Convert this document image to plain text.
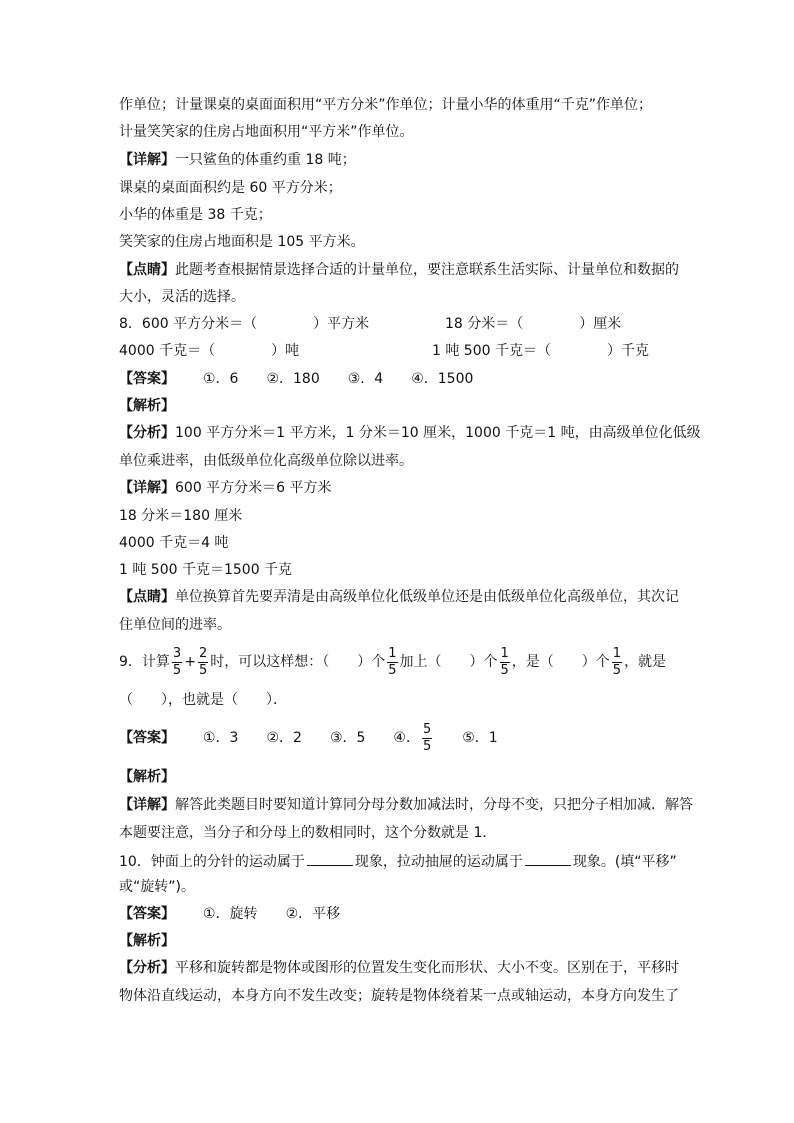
作单位；计量课桌的桌面面积用“平方分米”作单位；计量小华的体重用“千克”作单位；
计量笑笑家的住房占地面积用“平方米”作单位。
【详解】一只鲨鱼的体重约重 18 吨；
课桌的桌面面积约是 60 平方分米；
小华的体重是 38 千克；
笑笑家的住房占地面积是 105 平方米。
【点睛】此题考查根据情景选择合适的计量单位，要注意联系生活实际、计量单位和数据的
大小，灵活的选择。
8．600 平方分米＝（　　　　）平方米	18 分米＝（　　　　）厘米
4000 千克＝（　　　　）吨	1 吨 500 千克＝（　　　　）千克
【答案】 ①．6 ②．180 ③．4 ④．1500
【解析】
【分析】100 平方分米＝1 平方米，1 分米＝10 厘米，1000 千克＝1 吨，由高级单位化低级
单位乘进率，由低级单位化高级单位除以进率。
【详解】600 平方分米＝6 平方米
18 分米＝180 厘米
4000 千克＝4 吨
1 吨 500 千克＝1500 千克
【点睛】单位换算首先要弄清是由高级单位化低级单位还是由低级单位化高级单位，其次记
住单位间的进率。
9．计算 $\frac{3}{5} + \frac{2}{5}$ 时，可以这样想：（　　）个 $\frac{1}{5}$ 加上（　　）个 $\frac{1}{5}$ ，是（　　）个 $\frac{1}{5}$ ，就是
（　　），也就是（　　）．
【答案】 ①．3 ②．2 ③．5 ④． $\frac{5}{5}$ ⑤．1
【解析】
【详解】解答此类题目时要知道计算同分母分数加减法时，分母不变，只把分子相加减．解答
本题要注意，当分子和分母上的数相同时，这个分数就是 1．
10．钟面上的分针的运动属于	现象，拉动抽屉的运动属于	现象。(填“平移”
或“旋转”)。
【答案】 ①．旋转 ②．平移
【解析】
【分析】平移和旋转都是物体或图形的位置发生变化而形状、大小不变。区别在于，平移时
物体沿直线运动，本身方向不发生改变；旋转是物体绕着某一点或轴运动，本身方向发生了
